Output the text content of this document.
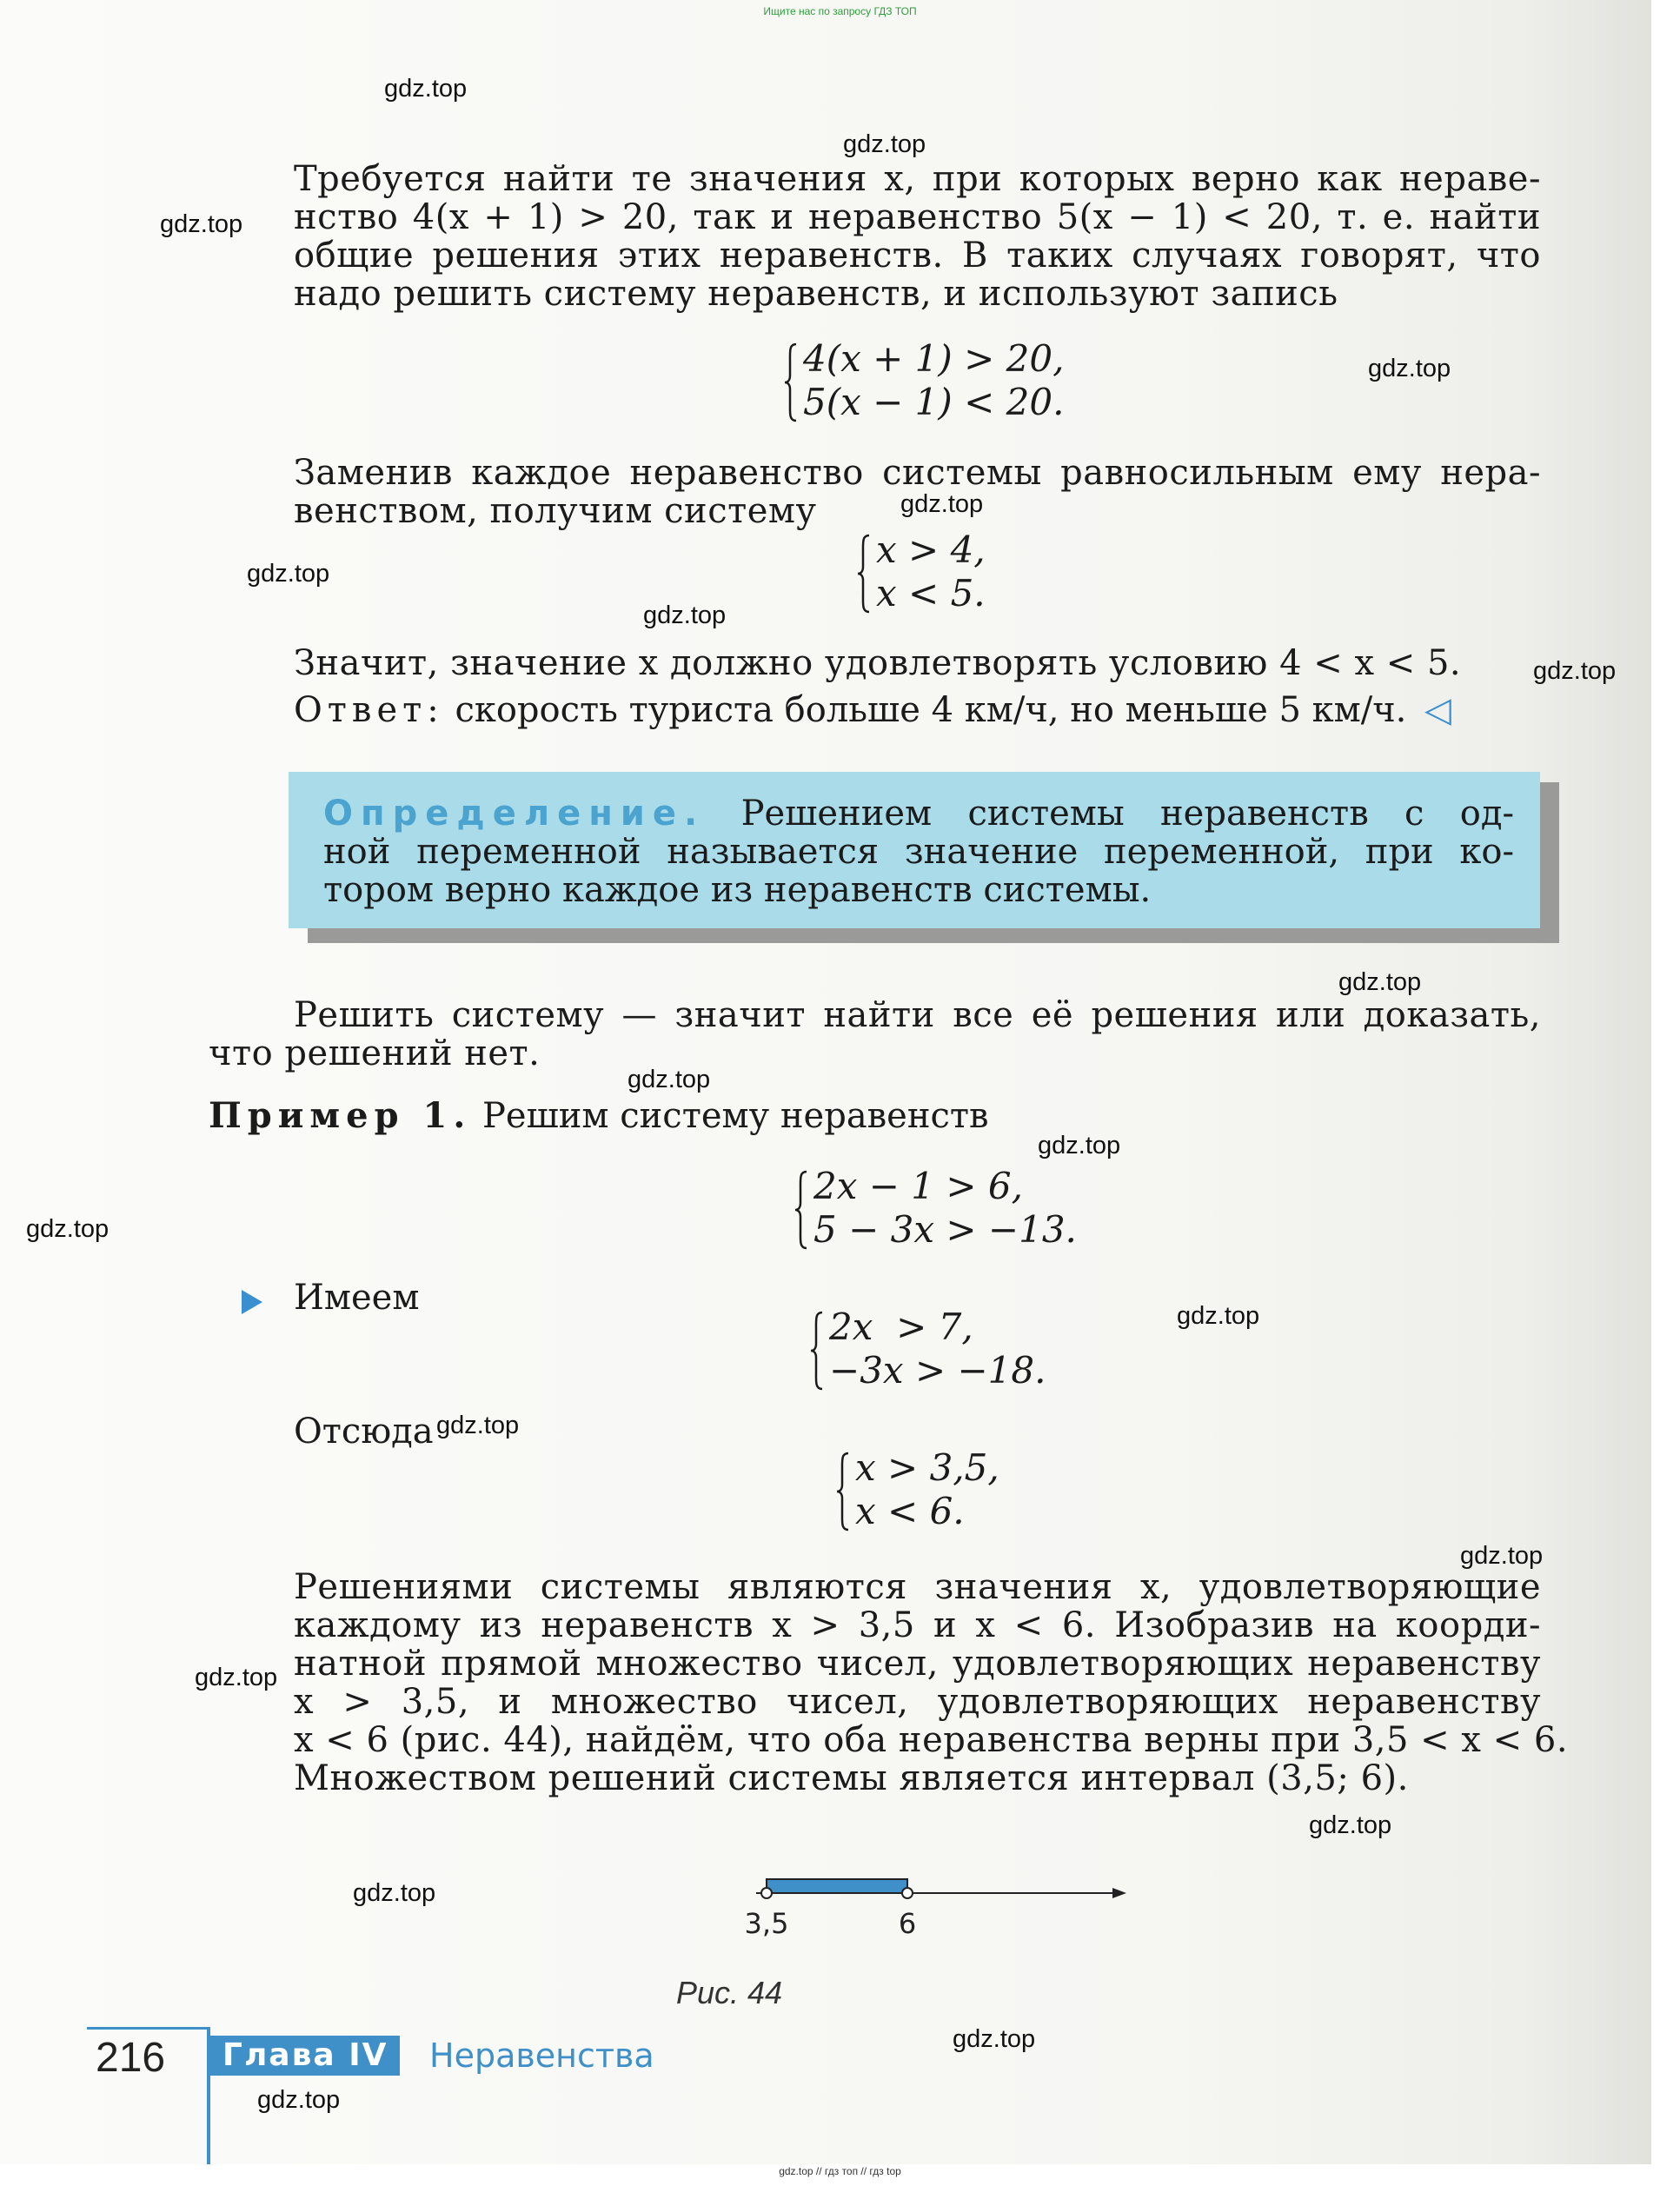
Ищите нас по запросу ГДЗ ТОП
Требуется найти те значения x, при которых верно как нераве-
нство 4(x + 1) > 20, так и неравенство 5(x − 1) < 20, т. е. найти
общие решения этих неравенств. В таких случаях говорят, что
надо решить систему неравенств, и используют запись
4(x + 1) > 20,
5(x − 1) < 20.
Заменив каждое неравенство системы равносильным ему нера-
венством, получим систему
x > 4,
x < 5.
Значит, значение x должно удовлетворять условию 4 < x < 5.
Ответ: скорость туриста больше 4 км/ч, но меньше 5 км/ч. ◁
Определение. Решением системы неравенств с од-
ной переменной называется значение переменной, при ко-
тором верно каждое из неравенств системы.
Решить систему — значит найти все её решения или доказать,
что решений нет.
Пример 1. Решим систему неравенств
2x − 1 > 6,
5 − 3x > −13.
Имеем
2x  > 7,
−3x > −18.
Отсюда
x > 3,5,
x < 6.
Решениями системы являются значения x, удовлетворяющие
каждому из неравенств x > 3,5 и x < 6. Изобразив на коорди-
натной прямой множество чисел, удовлетворяющих неравенству
x > 3,5, и множество чисел, удовлетворяющих неравенству
x < 6 (рис. 44), найдём, что оба неравенства верны при 3,5 < x < 6.
Множеством решений системы является интервал (3,5; 6).
3,5	6
Рис. 44
216	Глава IV	Неравенства
gdz.top
gdz.top
gdz.top
gdz.top
gdz.top
gdz.top
gdz.top
gdz.top
gdz.top
gdz.top
gdz.top
gdz.top
gdz.top
gdz.top
gdz.top
gdz.top
gdz.top
gdz.top
gdz.top
gdz.top
gdz.top // гдз топ // гдз top
